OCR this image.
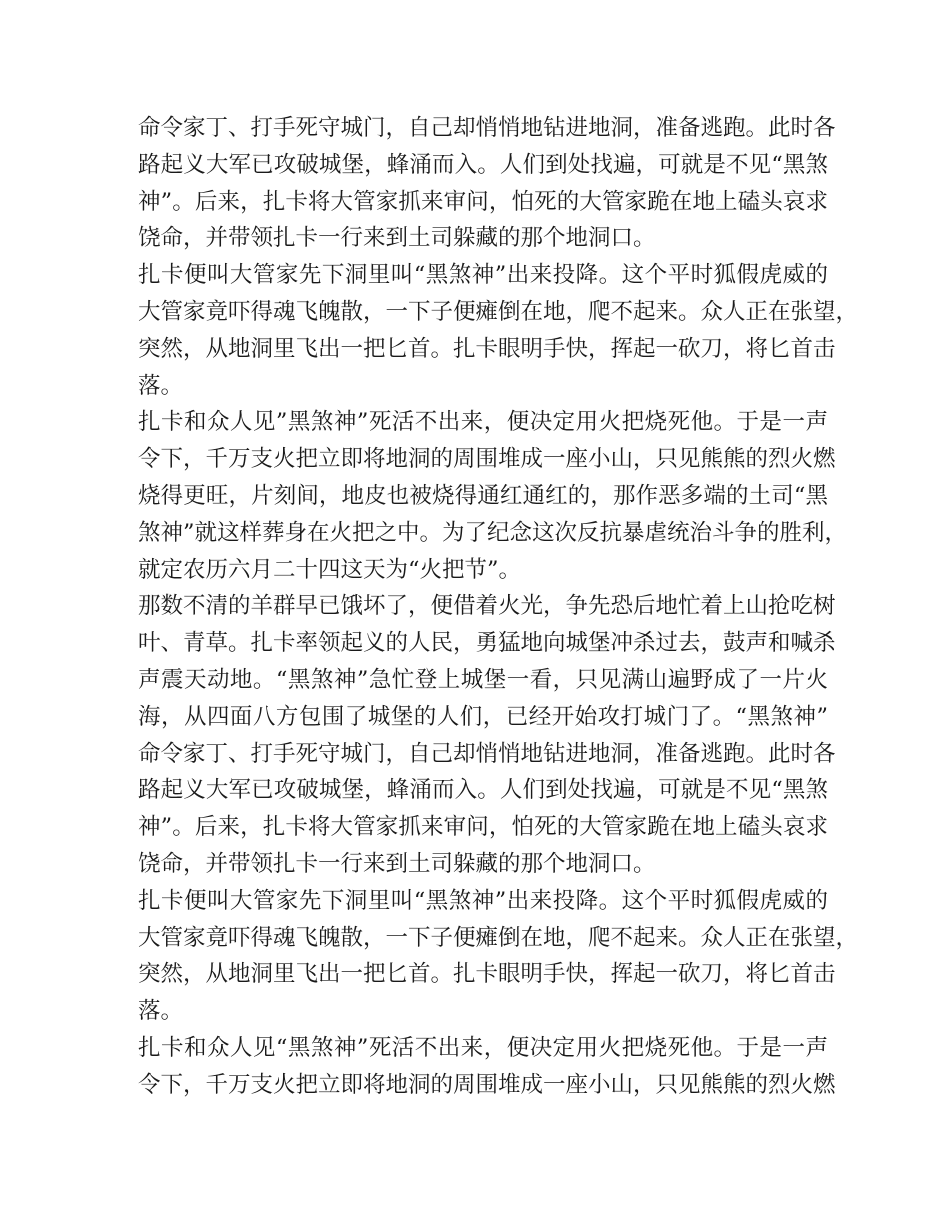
命令家丁、打手死守城门，自己却悄悄地钻进地洞，准备逃跑。此时各
路起义大军已攻破城堡，蜂涌而入。人们到处找遍，可就是不见“黑煞
神”。后来，扎卡将大管家抓来审问，怕死的大管家跪在地上磕头哀求
饶命，并带领扎卡一行来到土司躲藏的那个地洞口。
扎卡便叫大管家先下洞里叫“黑煞神”出来投降。这个平时狐假虎威的
大管家竟吓得魂飞魄散，一下子便瘫倒在地，爬不起来。众人正在张望，
突然，从地洞里飞出一把匕首。扎卡眼明手快，挥起一砍刀，将匕首击
落。
扎卡和众人见”黑煞神”死活不出来，便决定用火把烧死他。于是一声
令下，千万支火把立即将地洞的周围堆成一座小山，只见熊熊的烈火燃
烧得更旺，片刻间，地皮也被烧得通红通红的，那作恶多端的土司“黑
煞神”就这样葬身在火把之中。为了纪念这次反抗暴虐统治斗争的胜利，
就定农历六月二十四这天为“火把节”。
那数不清的羊群早已饿坏了，便借着火光，争先恐后地忙着上山抢吃树
叶、青草。扎卡率领起义的人民，勇猛地向城堡冲杀过去，鼓声和喊杀
声震天动地。“黑煞神”急忙登上城堡一看，只见满山遍野成了一片火
海，从四面八方包围了城堡的人们，已经开始攻打城门了。“黑煞神”
命令家丁、打手死守城门，自己却悄悄地钻进地洞，准备逃跑。此时各
路起义大军已攻破城堡，蜂涌而入。人们到处找遍，可就是不见“黑煞
神”。后来，扎卡将大管家抓来审问，怕死的大管家跪在地上磕头哀求
饶命，并带领扎卡一行来到土司躲藏的那个地洞口。
扎卡便叫大管家先下洞里叫“黑煞神”出来投降。这个平时狐假虎威的
大管家竟吓得魂飞魄散，一下子便瘫倒在地，爬不起来。众人正在张望，
突然，从地洞里飞出一把匕首。扎卡眼明手快，挥起一砍刀，将匕首击
落。
扎卡和众人见“黑煞神”死活不出来，便决定用火把烧死他。于是一声
令下，千万支火把立即将地洞的周围堆成一座小山，只见熊熊的烈火燃
